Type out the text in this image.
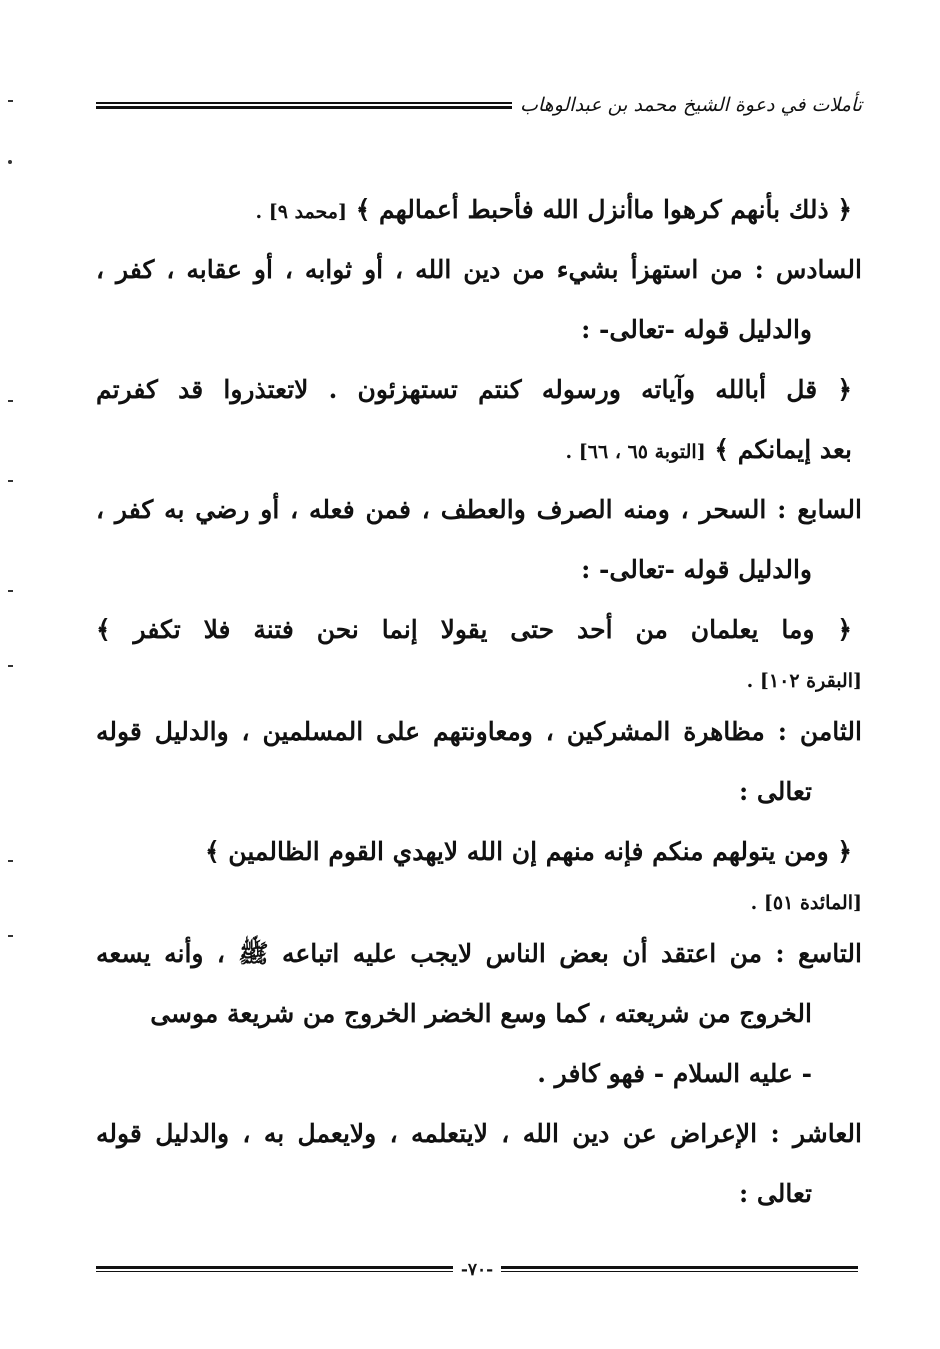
تأملات في دعوة الشيخ محمد بن عبدالوهاب
﴿ ذلك بأنهم كرهوا ماأنزل الله فأحبط أعمالهم ﴾ [محمد ٩] .
السادس : من استهزأ بشيء من دين الله ، أو ثوابه ، أو عقابه ، كفر ،
والدليل قوله -تعالى- :
﴿ قل أبالله وآياته ورسوله كنتم تستهزئون . لاتعتذروا قد كفرتم
بعد إيمانكم ﴾ [التوبة ٦٥ ، ٦٦] .
السابع : السحر ، ومنه الصرف والعطف ، فمن فعله ، أو رضي به كفر ،
والدليل قوله -تعالى- :
﴿ وما يعلمان من أحد حتى يقولا إنما نحن فتنة فلا تكفر ﴾
[البقرة ١٠٢] .
الثامن : مظاهرة المشركين ، ومعاونتهم على المسلمين ، والدليل قوله
تعالى :
﴿ ومن يتولهم منكم فإنه منهم إن الله لايهدي القوم الظالمين ﴾
[المائدة ٥١] .
التاسع : من اعتقد أن بعض الناس لايجب عليه اتباعه ﷺ ، وأنه يسعه
الخروج من شريعته ، كما وسع الخضر الخروج من شريعة موسى
- عليه السلام - فهو كافر .
العاشر : الإعراض عن دين الله ، لايتعلمه ، ولايعمل به ، والدليل قوله
تعالى :
-٧٠-
